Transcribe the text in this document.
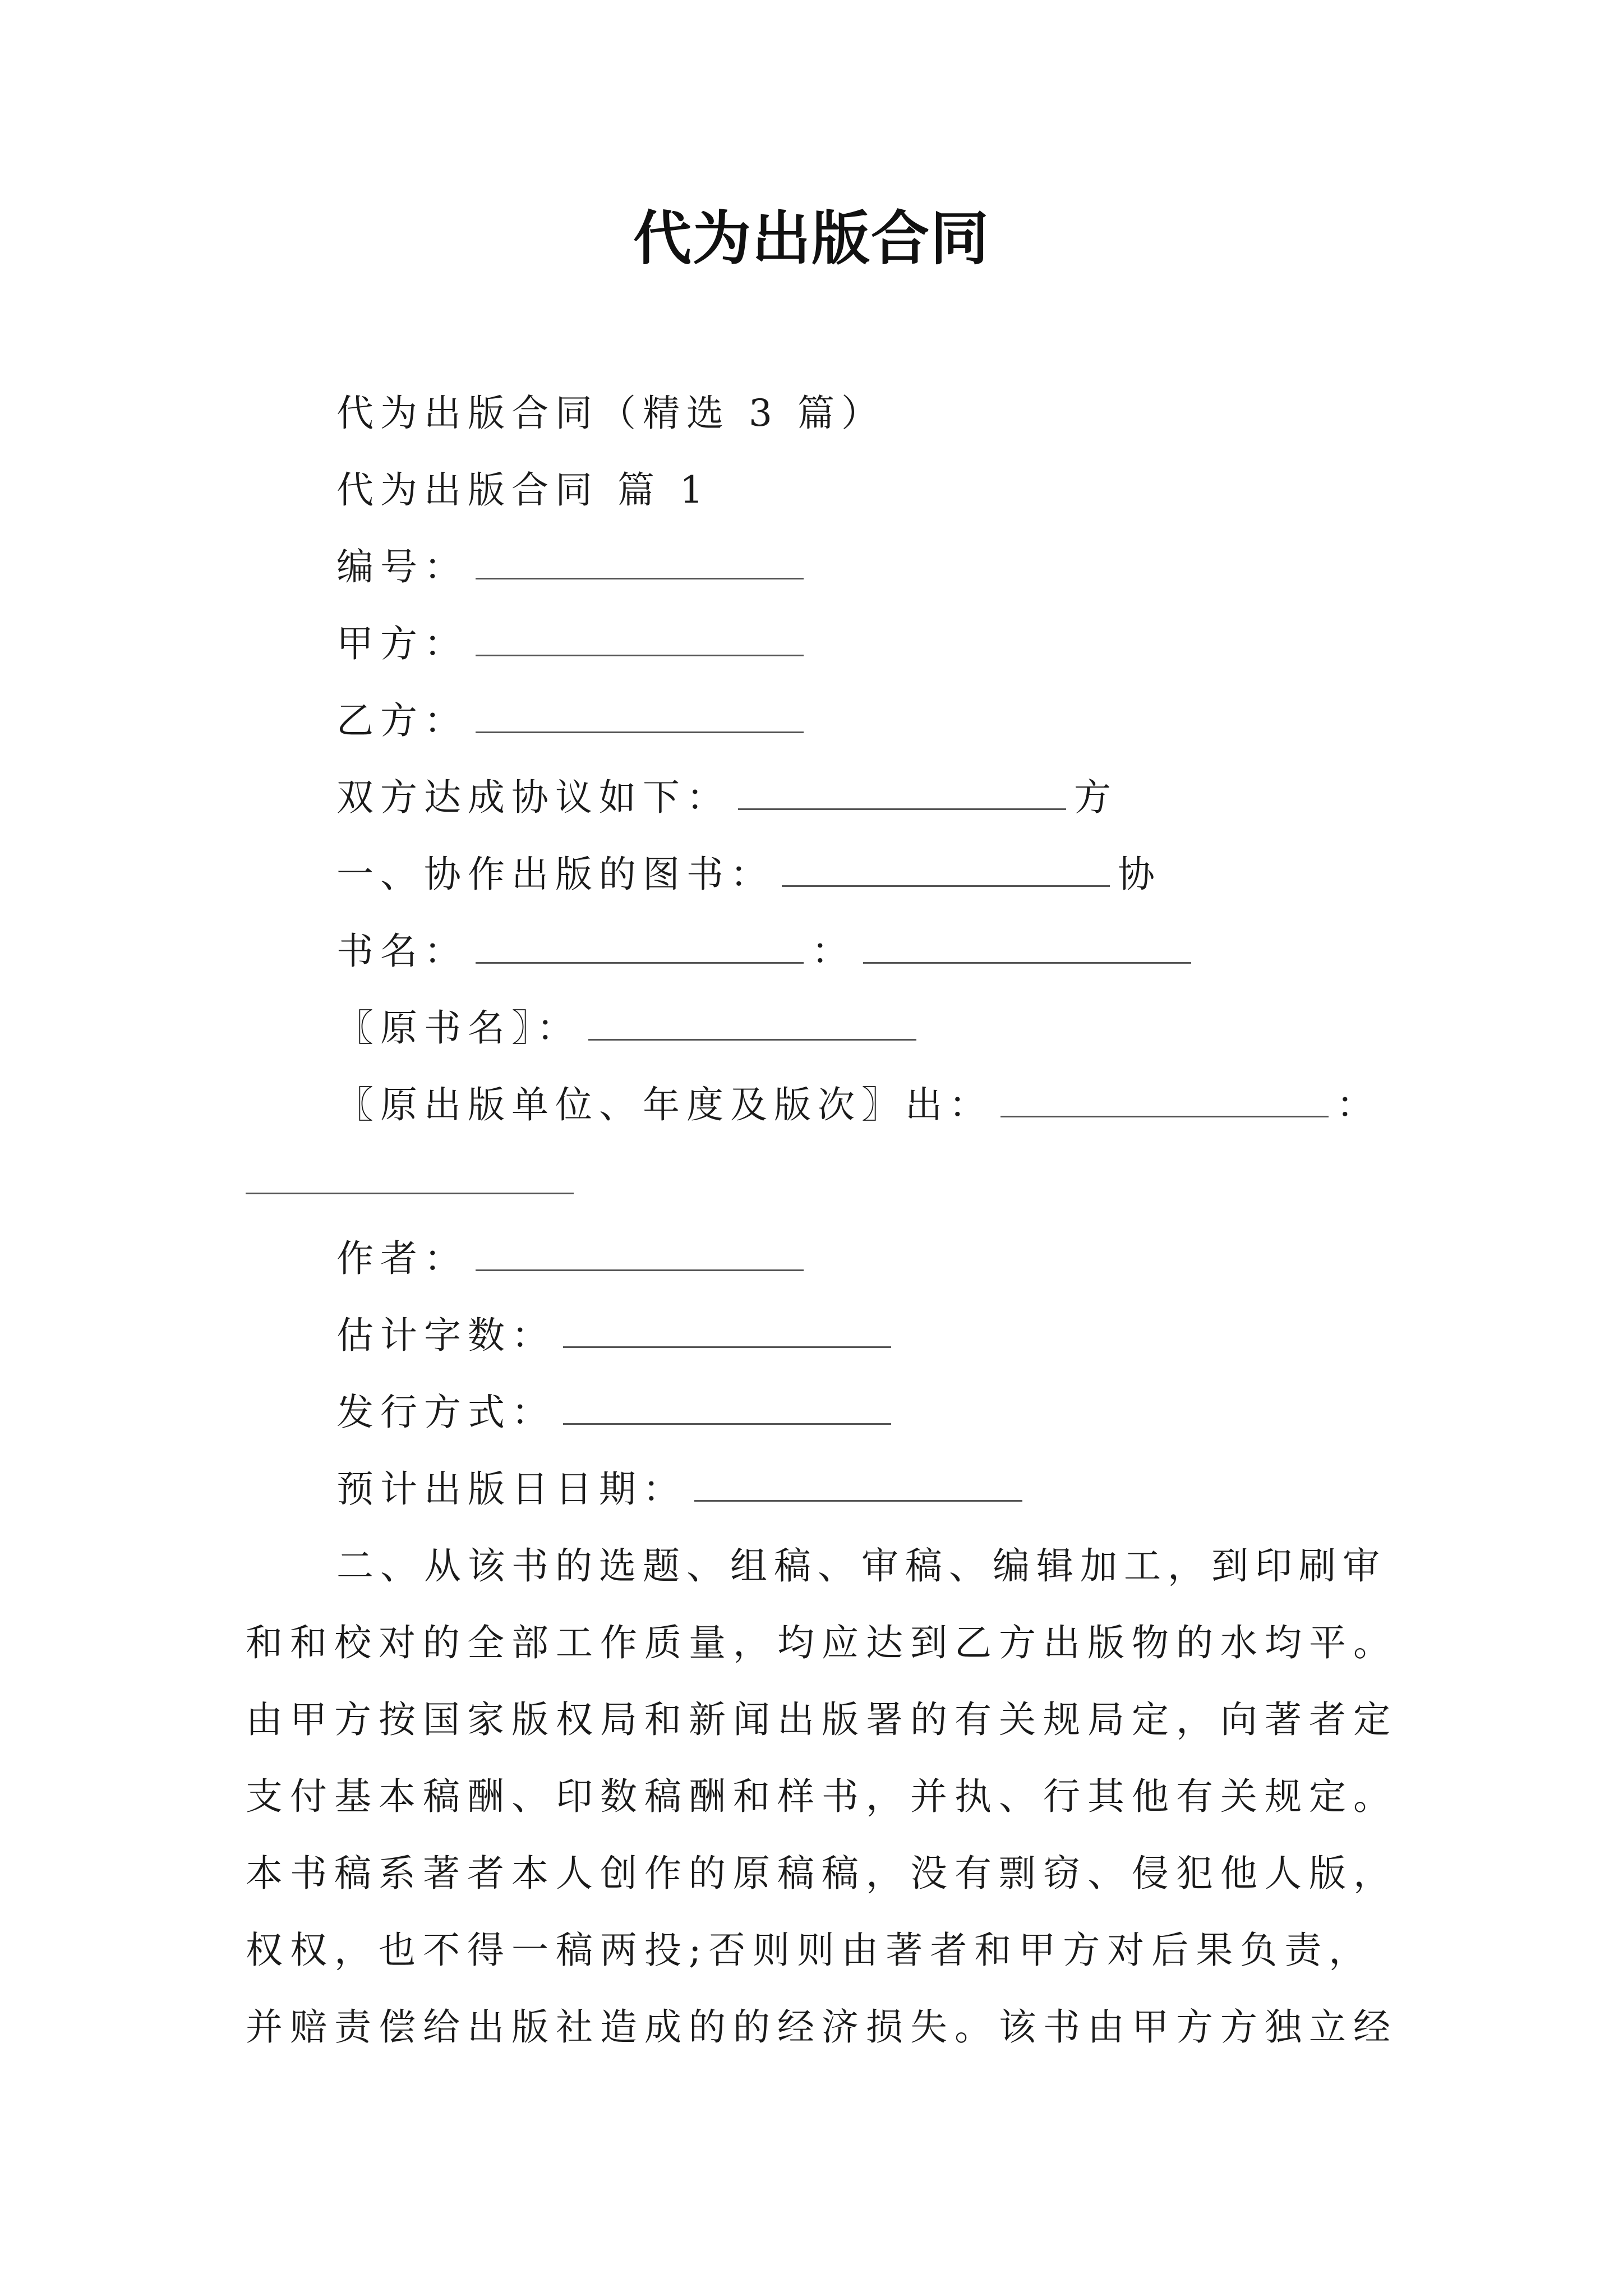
代为出版合同
代为出版合同（精选 3 篇）
代为出版合同 篇 1
编号：
甲方：
乙方：
双方达成协议如下：	方
一、协作出版的图书：	协
书名：	：
〖原书名〗：
〖原出版单位、年度及版次〗出：	：
作者：
估计字数：
发行方式：
预计出版日日期：
二、从该书的选题、组稿、审稿、编辑加工，到印刷审
和和校对的全部工作质量，均应达到乙方出版物的水均平。
由甲方按国家版权局和新闻出版署的有关规局定，向著者定
支付基本稿酬、印数稿酬和样书，并执、行其他有关规定。
本书稿系著者本人创作的原稿稿，没有剽窃、侵犯他人版，
权权，也不得一稿两投;否则则由著者和甲方对后果负责，
并赔责偿给出版社造成的的经济损失。该书由甲方方独立经
